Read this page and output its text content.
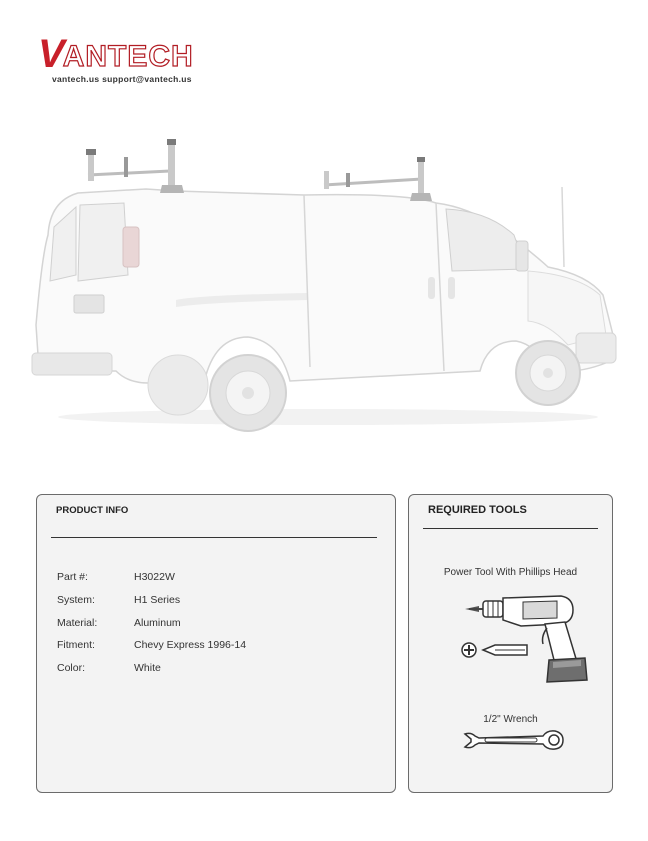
V ANTECH
vantech.us support@vantech.us
PRODUCT INFO
Part #:	H3022W
System:	H1 Series
Material:	Aluminum
Fitment:	Chevy Express 1996-14
Color:	White
REQUIRED TOOLS
Power Tool With Phillips Head
1/2" Wrench
